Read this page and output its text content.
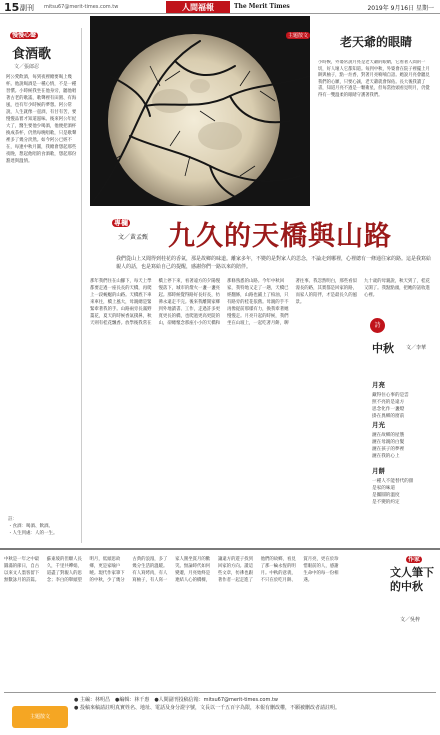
15 副刊 mitsu67@merit-times.com.tw	人間福報	The Merit Times	2019年 9月16日 星期一
慢慢心聲
食酒歌
文／張郎忍
阿公愛飲酒，每到夜裡總要喝上幾杯。他說喝酒是一種心情，不是一種習慣。小時候我坐在他身旁，聽他唱著古老的歌謠，歌聲裡有田園、有海風，也有年少時候的夢想。阿公常說，人生就像一壺酒，有甘有苦，要慢慢品嘗才知道滋味。後來阿公年紀大了，醫生要他少喝酒，他便把酒杯換成茶杯，仍然每晚唱歌，只是歌聲裡多了幾分淡然。如今阿公已經不在，每逢中秋月圓，我總會想起那些夜晚，想起他唱的食酒歌，想起那份豁達與溫情。
註：
・食酒：喝酒、飲酒。
・人生到處：人的一生。
主題散文	老天爺的眼睛
小時候，外婆常說月亮是老天爺的眼睛，它看著人間的一切，好人壞人它都知道。每到中秋，外婆會在院子裡擺上月餅與柚子，點一炷香，對著月亮喃喃自語。她說月亮會聽見我們的心願，只要心誠，老天爺就會保佑。長大後我讀了書，知道月亮不過是一顆衛星，但每當抬頭看見明月，仍覺得有一雙溫柔的眼睛守護著我們。
專欄
文／黃孟甄 九久的天橋與山路
我們從山上又聞得到桂花的香氣，那是故鄉的味道。離家多年，不變的是對家人的思念，不論走到哪裡，心裡總有一條通往家的路。這是我寫給親人的話，也是寫給自己的提醒，感謝你們一路以來的陪伴。
那年我們住在山腳下，每天上學都要走過一座長長的天橋，再爬上一段蜿蜒的山路。天橋底下車來車往，橋上風大，母親總是緊緊牽著我的手。山路兩旁長滿野薑花，夏天的時候香氣撲鼻，秋天則有桂花飄香。放學後我常在橋上停下來，看著遠方的夕陽慢慢落下，城市的燈火一盞一盞亮起。那時候覺得路好長好長，彷彿永遠走不完。後來我離開家鄉到外地讀書、工作，走過許多更寬更長的橋，也爬過更高更陡的山，卻總懷念那座小小的天橋和那條熟悉的山路。今年中秋回家，我特地又走了一趟，天橋已經翻修，山路也鋪上了柏油，只有路旁的桂花依舊。母親的手不再像從前那樣有力，換我牽著她慢慢走。月亮升起的時候，我們坐在山坡上，一起吃著月餅，聊著往事。我忽然明白，那些看似漫長的路，其實都是回家的路，而家人的陪伴，才是最長久的風景。
九十歲的母親說，秋天到了，桂花又開了。我點點頭，把她的話收進心裡。
詩
中秋 文／李華
月亮
藏得住心事的是雲
照不亮的是遠方
思念化作一盞燈
掛在異鄉的窗前
月光
灑在故鄉的屋簷
灑在母親的白髮
灑在孩子的夢裡
灑在我的心上
月餅
一種人不能替代的甜
是家的味道
是團圓的溫度
是不變的約定
中秋是一年之中最圓滿的節日，自古以來文人墨客留下無數詠月的詩篇。蘇東坡的但願人長久，千里共嬋娟，道盡了對親人的思念；李白的舉頭望明月，低頭思故鄉，更是家喻戶曉。現代作家筆下的中秋，少了幾分古典的浪漫，多了幾分生活的溫暖。有人寫烤肉，有人寫柚子，有人寫一家人圍坐賞月的歡笑。無論時代如何變遷，月亮始終是連結人心的橋樑，讓遠方的遊子找到回家的方向。讀這些文章，彷彿也跟著作者一起走進了他們的故鄉，看見了那一輪永恆的明月。中秋的意義，不只在於吃月餅、賞月亮，更在於珍惜眼前的人，感謝生命中的每一份相遇。
作家
文人筆下的中秋
文／吳梓
● 主編：林明昌　●編輯：林千惠　●人間副刊投稿信箱：mitsu67@merit-times.com.tw
● 投稿來稿請註明真實姓名、地址、電話及身分證字號，文長以一千五百字為限，本報有刪改權，不願被刪改者請註明。
主題散文
